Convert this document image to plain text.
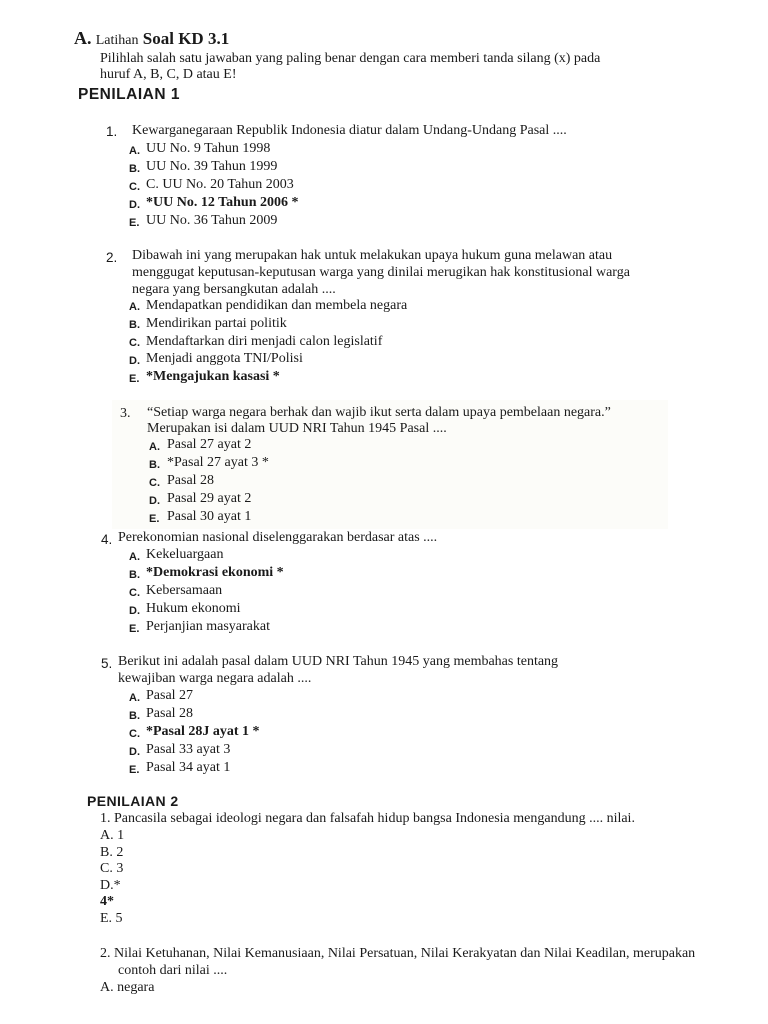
A. Latihan Soal KD 3.1
Pilihlah salah satu jawaban yang paling benar dengan cara memberi tanda silang (x) pada
huruf A, B, C, D atau E!
PENILAIAN 1
1. Kewarganegaraan Republik Indonesia diatur dalam Undang-Undang Pasal ....
A. UU No. 9 Tahun 1998
B. UU No. 39 Tahun 1999
C. C. UU No. 20 Tahun 2003
D. *UU No. 12 Tahun 2006 *
E. UU No. 36 Tahun 2009
2. Dibawah ini yang merupakan hak untuk melakukan upaya hukum guna melawan atau
menggugat keputusan-keputusan warga yang dinilai merugikan hak konstitusional warga
negara yang bersangkutan adalah ....
A. Mendapatkan pendidikan dan membela negara
B. Mendirikan partai politik
C. Mendaftarkan diri menjadi calon legislatif
D. Menjadi anggota TNI/Polisi
E. *Mengajukan kasasi *
3. “Setiap warga negara berhak dan wajib ikut serta dalam upaya pembelaan negara.”
Merupakan isi dalam UUD NRI Tahun 1945 Pasal ....
A. Pasal 27 ayat 2
B. *Pasal 27 ayat 3 *
C. Pasal 28
D. Pasal 29 ayat 2
E. Pasal 30 ayat 1
4. Perekonomian nasional diselenggarakan berdasar atas ....
A. Kekeluargaan
B. *Demokrasi ekonomi *
C. Kebersamaan
D. Hukum ekonomi
E. Perjanjian masyarakat
5. Berikut ini adalah pasal dalam UUD NRI Tahun 1945 yang membahas tentang
kewajiban warga negara adalah ....
A. Pasal 27
B. Pasal 28
C. *Pasal 28J ayat 1 *
D. Pasal 33 ayat 3
E. Pasal 34 ayat 1
PENILAIAN 2
1. Pancasila sebagai ideologi negara dan falsafah hidup bangsa Indonesia mengandung .... nilai.
A. 1
B. 2
C. 3
D.*
4*
E. 5
2. Nilai Ketuhanan, Nilai Kemanusiaan, Nilai Persatuan, Nilai Kerakyatan dan Nilai Keadilan, merupakan
contoh dari nilai ....
A. negara
